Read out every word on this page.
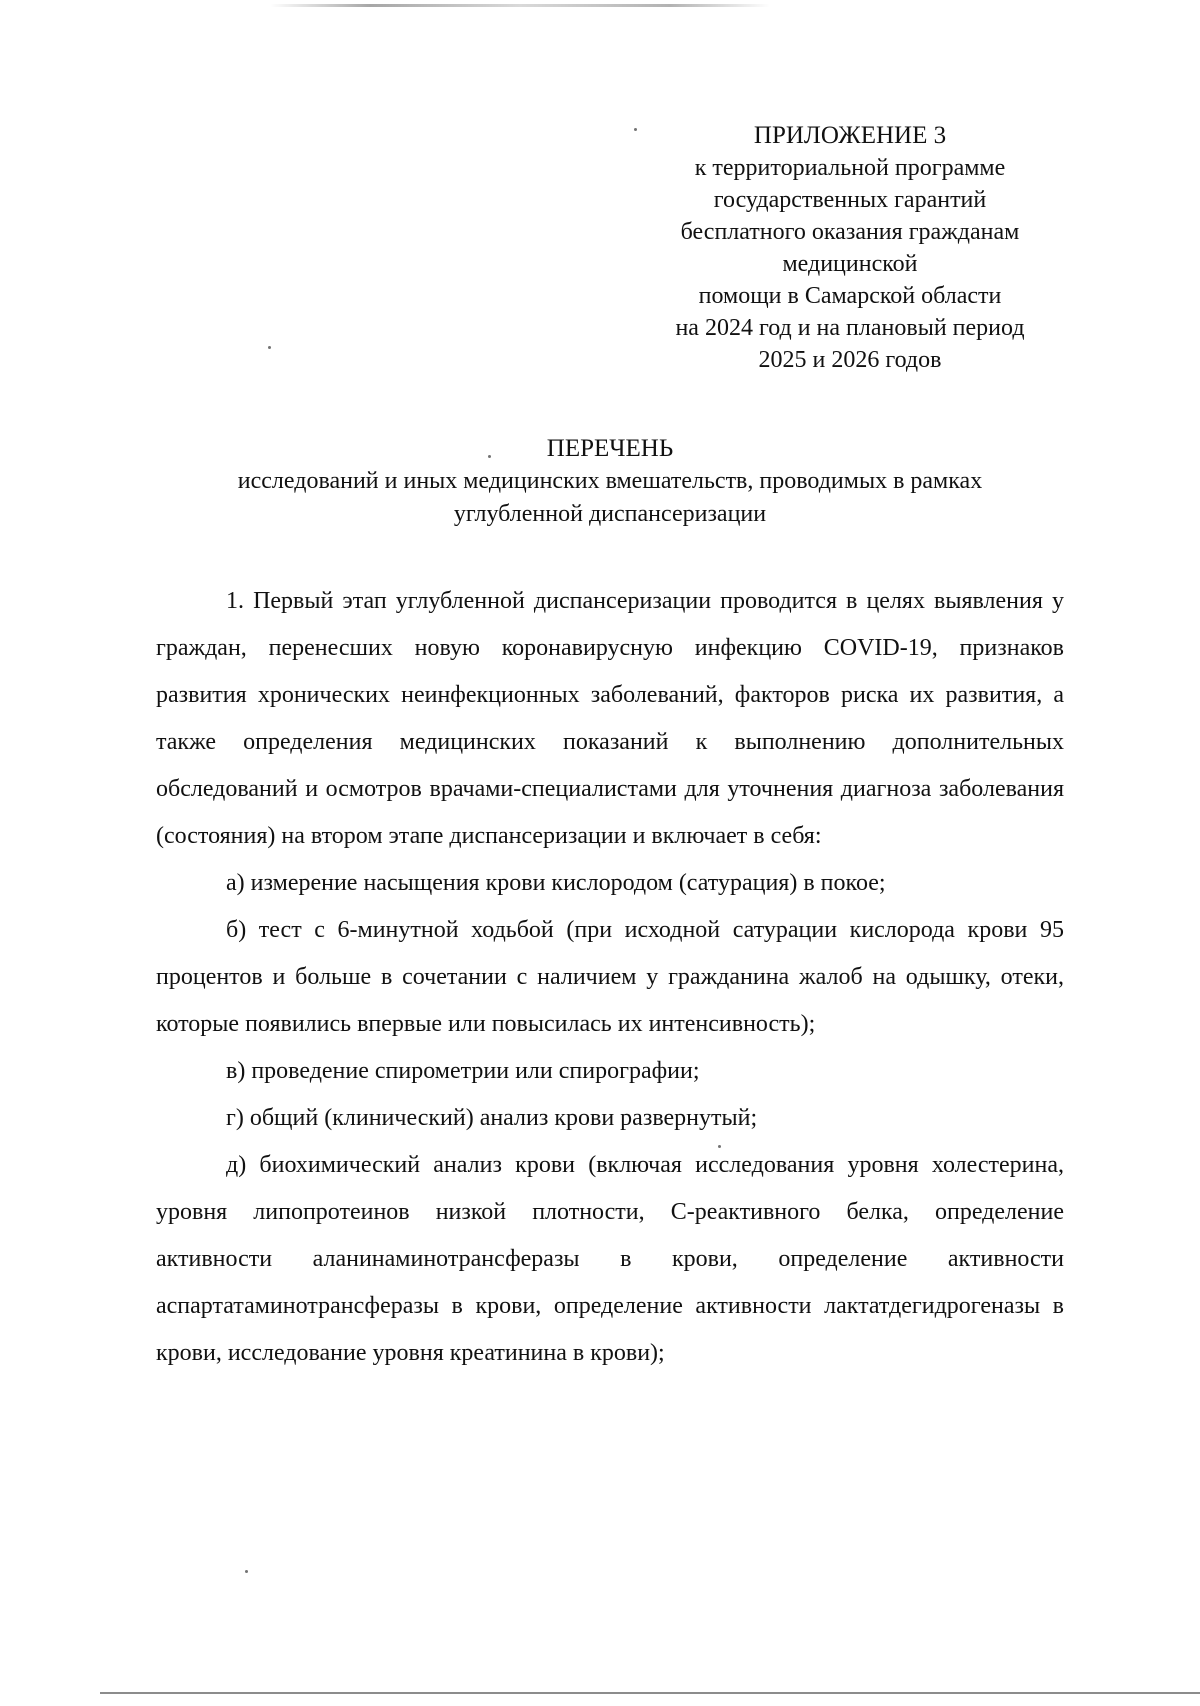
ПРИЛОЖЕНИЕ 3
к территориальной программе
государственных гарантий
бесплатного оказания гражданам
медицинской
помощи в Самарской области
на 2024 год и на плановый период
2025 и 2026 годов
ПЕРЕЧЕНЬ
исследований и иных медицинских вмешательств, проводимых в рамках
углубленной диспансеризации

1. Первый этап углубленной диспансеризации проводится в целях выявления у граждан, перенесших новую коронавирусную инфекцию COVID-19, признаков развития хронических неинфекционных заболеваний, факторов риска их развития, а также определения медицинских показаний к выполнению дополнительных обследований и осмотров врачами-специалистами для уточнения диагноза заболевания (состояния) на втором этапе диспансеризации и включает в себя:

а) измерение насыщения крови кислородом (сатурация) в покое;

б) тест с 6-минутной ходьбой (при исходной сатурации кислорода крови 95 процентов и больше в сочетании с наличием у гражданина жалоб на одышку, отеки, которые появились впервые или повысилась их интенсивность);

в) проведение спирометрии или спирографии;

г) общий (клинический) анализ крови развернутый;

д) биохимический анализ крови (включая исследования уровня холестерина, уровня липопротеинов низкой плотности, С-реактивного белка, определение активности аланинаминотрансферазы в крови, определение активности аспартатаминотрансферазы в крови, определение активности лактатдегидрогеназы в крови, исследование уровня креатинина в крови);
